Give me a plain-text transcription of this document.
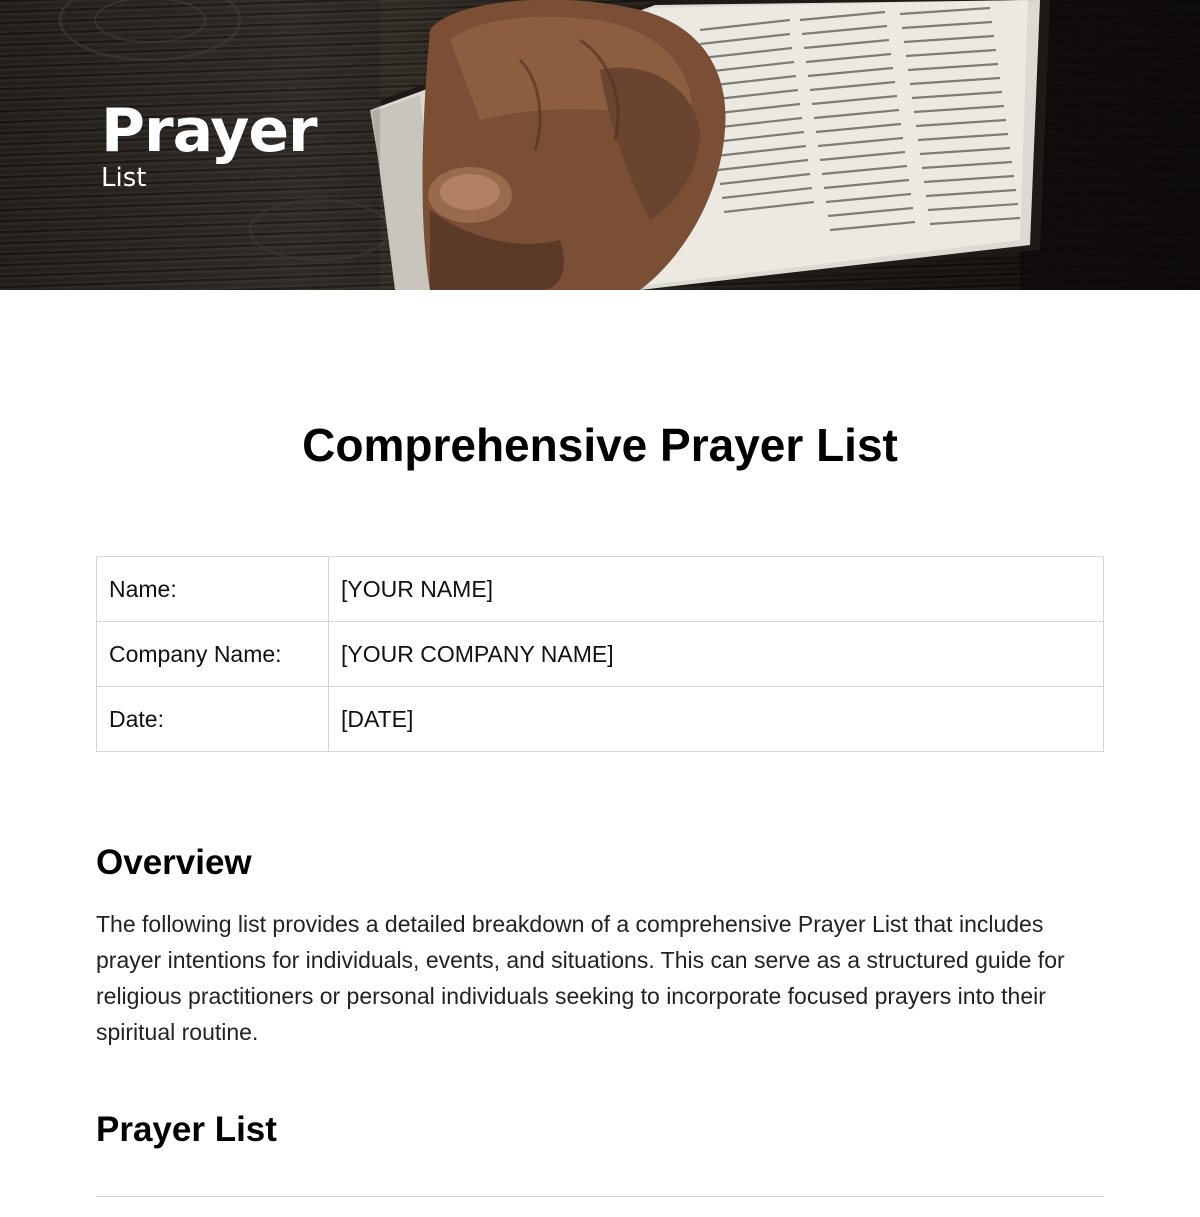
Prayer

List

Comprehensive Prayer List
Name:	[YOUR NAME]
Company Name:	[YOUR COMPANY NAME]
Date:	[DATE]
Overview

The following list provides a detailed breakdown of a comprehensive Prayer List that includes prayer intentions for individuals, events, and situations. This can serve as a structured guide for religious practitioners or personal individuals seeking to incorporate focused prayers into their spiritual routine.

Prayer List
